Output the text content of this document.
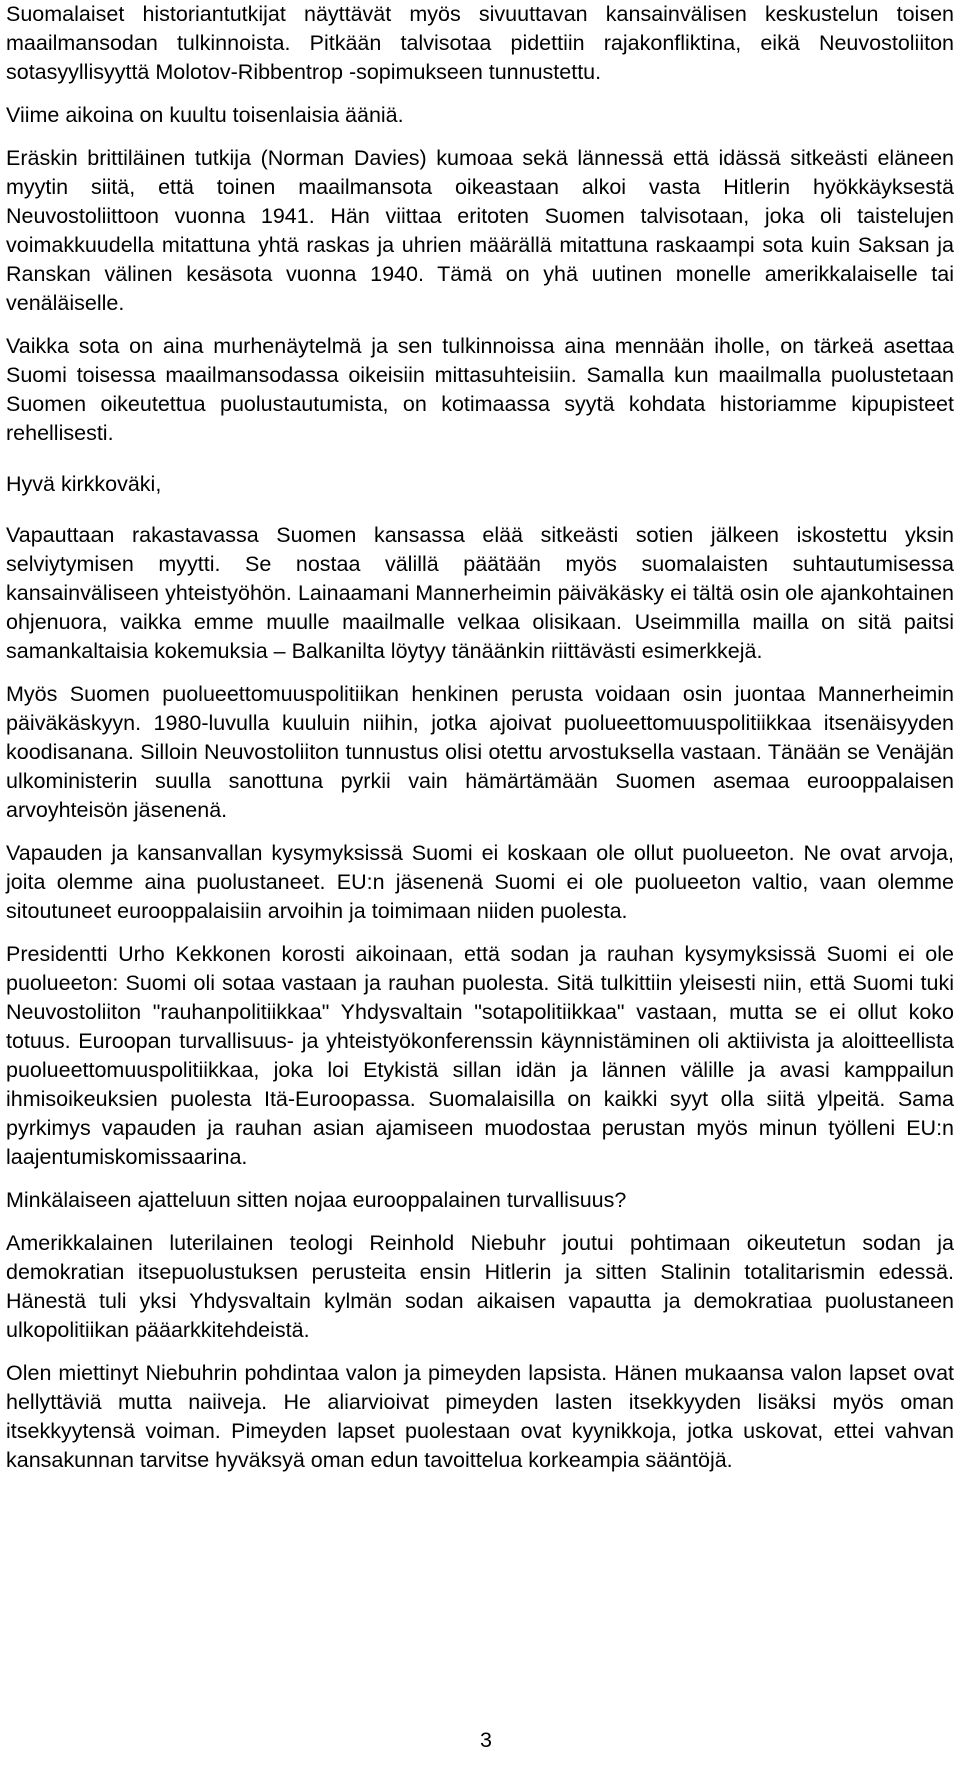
Suomalaiset historiantutkijat näyttävät myös sivuuttavan kansainvälisen keskustelun toisen maailmansodan tulkinnoista. Pitkään talvisotaa pidettiin rajakonfliktina, eikä Neuvostoliiton sotasyyllisyyttä Molotov-Ribbentrop -sopimukseen tunnustettu.

Viime aikoina on kuultu toisenlaisia ääniä.

Eräskin brittiläinen tutkija (Norman Davies) kumoaa sekä lännessä että idässä sitkeästi eläneen myytin siitä, että toinen maailmansota oikeastaan alkoi vasta Hitlerin hyökkäyksestä Neuvostoliittoon vuonna 1941. Hän viittaa eritoten Suomen talvisotaan, joka oli taistelujen voimakkuudella mitattuna yhtä raskas ja uhrien määrällä mitattuna raskaampi sota kuin Saksan ja Ranskan välinen kesäsota vuonna 1940. Tämä on yhä uutinen monelle amerikkalaiselle tai venäläiselle.

Vaikka sota on aina murhenäytelmä ja sen tulkinnoissa aina mennään iholle, on tärkeä asettaa Suomi toisessa maailmansodassa oikeisiin mittasuhteisiin. Samalla kun maailmalla puolustetaan Suomen oikeutettua puolustautumista, on kotimaassa syytä kohdata historiamme kipupisteet rehellisesti.

Hyvä kirkkoväki,

Vapauttaan rakastavassa Suomen kansassa elää sitkeästi sotien jälkeen iskostettu yksin selviytymisen myytti. Se nostaa välillä päätään myös suomalaisten suhtautumisessa kansainväliseen yhteistyöhön. Lainaamani Mannerheimin päiväkäsky ei tältä osin ole ajankohtainen ohjenuora, vaikka emme muulle maailmalle velkaa olisikaan. Useimmilla mailla on sitä paitsi samankaltaisia kokemuksia – Balkanilta löytyy tänäänkin riittävästi esimerkkejä.

Myös Suomen puolueettomuuspolitiikan henkinen perusta voidaan osin juontaa Mannerheimin päiväkäskyyn. 1980-luvulla kuuluin niihin, jotka ajoivat puolueettomuuspolitiikkaa itsenäisyyden koodisanana. Silloin Neuvostoliiton tunnustus olisi otettu arvostuksella vastaan. Tänään se Venäjän ulkoministerin suulla sanottuna pyrkii vain hämärtämään Suomen asemaa eurooppalaisen arvoyhteisön jäsenenä.

Vapauden ja kansanvallan kysymyksissä Suomi ei koskaan ole ollut puolueeton. Ne ovat arvoja, joita olemme aina puolustaneet. EU:n jäsenenä Suomi ei ole puolueeton valtio, vaan olemme sitoutuneet eurooppalaisiin arvoihin ja toimimaan niiden puolesta.

Presidentti Urho Kekkonen korosti aikoinaan, että sodan ja rauhan kysymyksissä Suomi ei ole puolueeton: Suomi oli sotaa vastaan ja rauhan puolesta. Sitä tulkittiin yleisesti niin, että Suomi tuki Neuvostoliiton "rauhanpolitiikkaa" Yhdysvaltain "sotapolitiikkaa" vastaan, mutta se ei ollut koko totuus. Euroopan turvallisuus- ja yhteistyökonferenssin käynnistäminen oli aktiivista ja aloitteellista puolueettomuuspolitiikkaa, joka loi Etykistä sillan idän ja lännen välille ja avasi kamppailun ihmisoikeuksien puolesta Itä-Euroopassa. Suomalaisilla on kaikki syyt olla siitä ylpeitä. Sama pyrkimys vapauden ja rauhan asian ajamiseen muodostaa perustan myös minun työlleni EU:n laajentumiskomissaarina.

Minkälaiseen ajatteluun sitten nojaa eurooppalainen turvallisuus?

Amerikkalainen luterilainen teologi Reinhold Niebuhr joutui pohtimaan oikeutetun sodan ja demokratian itsepuolustuksen perusteita ensin Hitlerin ja sitten Stalinin totalitarismin edessä. Hänestä tuli yksi Yhdysvaltain kylmän sodan aikaisen vapautta ja demokratiaa puolustaneen ulkopolitiikan pääarkkitehdeistä.

Olen miettinyt Niebuhrin pohdintaa valon ja pimeyden lapsista. Hänen mukaansa valon lapset ovat hellyttäviä mutta naiiveja. He aliarvioivat pimeyden lasten itsekkyyden lisäksi myös oman itsekkyytensä voiman. Pimeyden lapset puolestaan ovat kyynikkoja, jotka uskovat, ettei vahvan kansakunnan tarvitse hyväksyä oman edun tavoittelua korkeampia sääntöjä.

3
